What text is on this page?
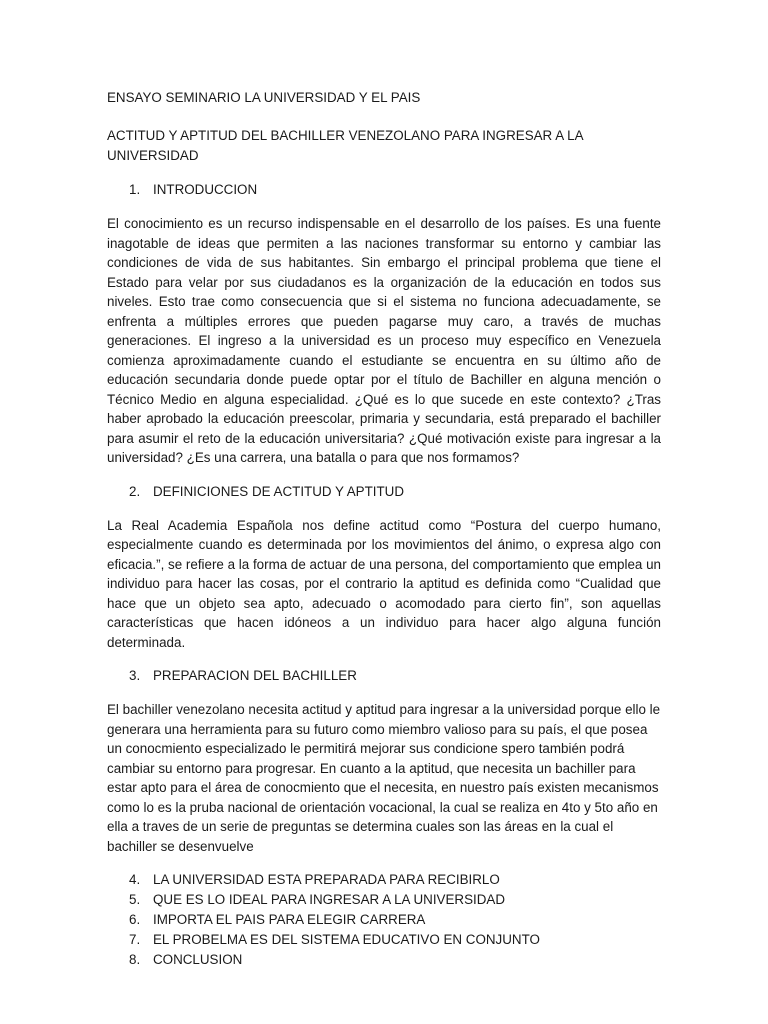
ENSAYO SEMINARIO LA UNIVERSIDAD Y EL PAIS
ACTITUD Y APTITUD DEL BACHILLER VENEZOLANO PARA INGRESAR A LA UNIVERSIDAD
1. INTRODUCCION

El conocimiento es un recurso indispensable en el desarrollo de los países. Es una fuente inagotable de ideas que permiten a las naciones transformar su entorno y cambiar las condiciones de vida de sus habitantes. Sin embargo el principal problema que tiene el Estado para velar por sus ciudadanos es la organización de la educación en todos sus niveles. Esto trae como consecuencia que si el sistema no funciona adecuadamente, se enfrenta a múltiples errores que pueden pagarse muy caro, a través de muchas generaciones. El ingreso a la universidad es un proceso muy específico en Venezuela comienza aproximadamente cuando el estudiante se encuentra en su último año de educación secundaria donde puede optar por el título de Bachiller en alguna mención o Técnico Medio en alguna especialidad. ¿Qué es lo que sucede en este contexto? ¿Tras haber aprobado la educación preescolar, primaria y secundaria, está preparado el bachiller para asumir el reto de la educación universitaria? ¿Qué motivación existe para ingresar a la universidad? ¿Es una carrera, una batalla o para que nos formamos?

2. DEFINICIONES DE ACTITUD Y APTITUD

La Real Academia Española nos define actitud como “Postura del cuerpo humano, especialmente cuando es determinada por los movimientos del ánimo, o expresa algo con eficacia.”, se refiere a la forma de actuar de una persona, del comportamiento que emplea un individuo para hacer las cosas, por el contrario la aptitud es definida como “Cualidad que hace que un objeto sea apto, adecuado o acomodado para cierto fin”, son aquellas características que hacen idóneos a un individuo para hacer algo alguna función determinada.

3. PREPARACION DEL BACHILLER

El bachiller venezolano necesita actitud y aptitud para ingresar a la universidad porque ello le generara una herramienta para su futuro como miembro valioso para su país, el que posea un conocmiento especializado le permitirá mejorar sus condicione spero también podrá cambiar su entorno para progresar. En cuanto a la aptitud, que necesita un bachiller para estar apto para el área de conocmiento que el necesita, en nuestro país existen mecanismos como lo es la pruba nacional de orientación vocacional, la cual se realiza en 4to y 5to año en ella a traves de un serie de preguntas se determina cuales son las áreas en la cual el bachiller se desenvuelve

4. LA UNIVERSIDAD ESTA PREPARADA PARA RECIBIRLO
5. QUE ES LO IDEAL PARA INGRESAR A LA UNIVERSIDAD
6. IMPORTA EL PAIS PARA ELEGIR CARRERA
7. EL PROBELMA ES DEL SISTEMA EDUCATIVO EN CONJUNTO
8. CONCLUSION
